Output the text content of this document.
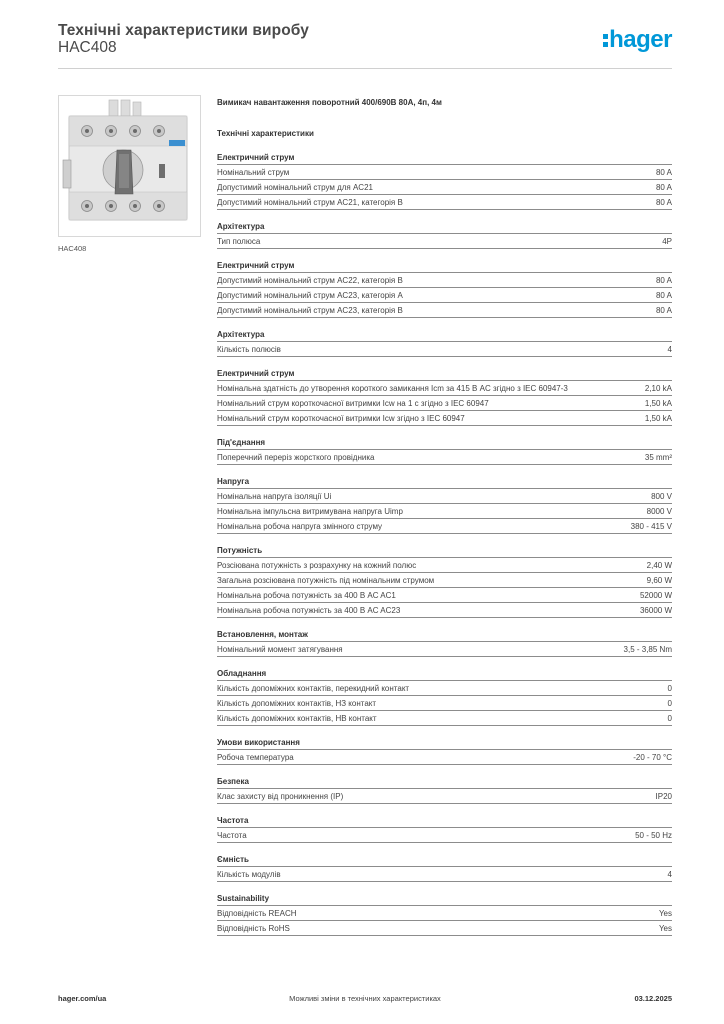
Технічні характеристики виробу
HAC408	hager
HAC408
Вимикач навантаження поворотний 400/690В 80А, 4п, 4м
Технічні характеристики
Електричний струм
Номінальний струм	80 A
Допустимий номінальний струм для AC21	80 A
Допустимий номінальний струм AC21, категорія B	80 A
Архітектура
Тип полюса	4P
Електричний струм
Допустимий номінальний струм AC22, категорія B	80 A
Допустимий номінальний струм AC23, категорія A	80 A
Допустимий номінальний струм AC23, категорія B	80 A
Архітектура
Кількість полюсів	4
Електричний струм
Номінальна здатність до утворення короткого замикання Icm за 415 В AC згідно з IEC 60947-3	2,10 kA
Номінальний струм короткочасної витримки Icw на 1 с згідно з IEC 60947	1,50 kA
Номінальний струм короткочасної витримки Icw згідно з IEC 60947	1,50 kA
Під'єднання
Поперечний переріз жорсткого провідника	35 mm²
Напруга
Номінальна напруга ізоляції Ui	800 V
Номінальна імпульсна витримувана напруга Uimp	8000 V
Номінальна робоча напруга змінного струму	380 - 415 V
Потужність
Розсіювана потужність з розрахунку на кожний полюс	2,40 W
Загальна розсіювана потужність під номінальним струмом	9,60 W
Номінальна робоча потужність за 400 В AC AC1	52000 W
Номінальна робоча потужність за 400 В AC AC23	36000 W
Встановлення, монтаж
Номінальний момент затягування	3,5 - 3,85 Nm
Обладнання
Кількість допоміжних контактів, перекидний контакт	0
Кількість допоміжних контактів, НЗ контакт	0
Кількість допоміжних контактів, НВ контакт	0
Умови використання
Робоча температура	-20 - 70 °C
Безпека
Клас захисту від проникнення (IP)	IP20
Частота
Частота	50 - 50 Hz
Ємність
Кількість модулів	4
Sustainability
Відповідність REACH	Yes
Відповідність RoHS	Yes
hager.com/ua	Можливі зміни в технічних характеристиках	03.12.2025
